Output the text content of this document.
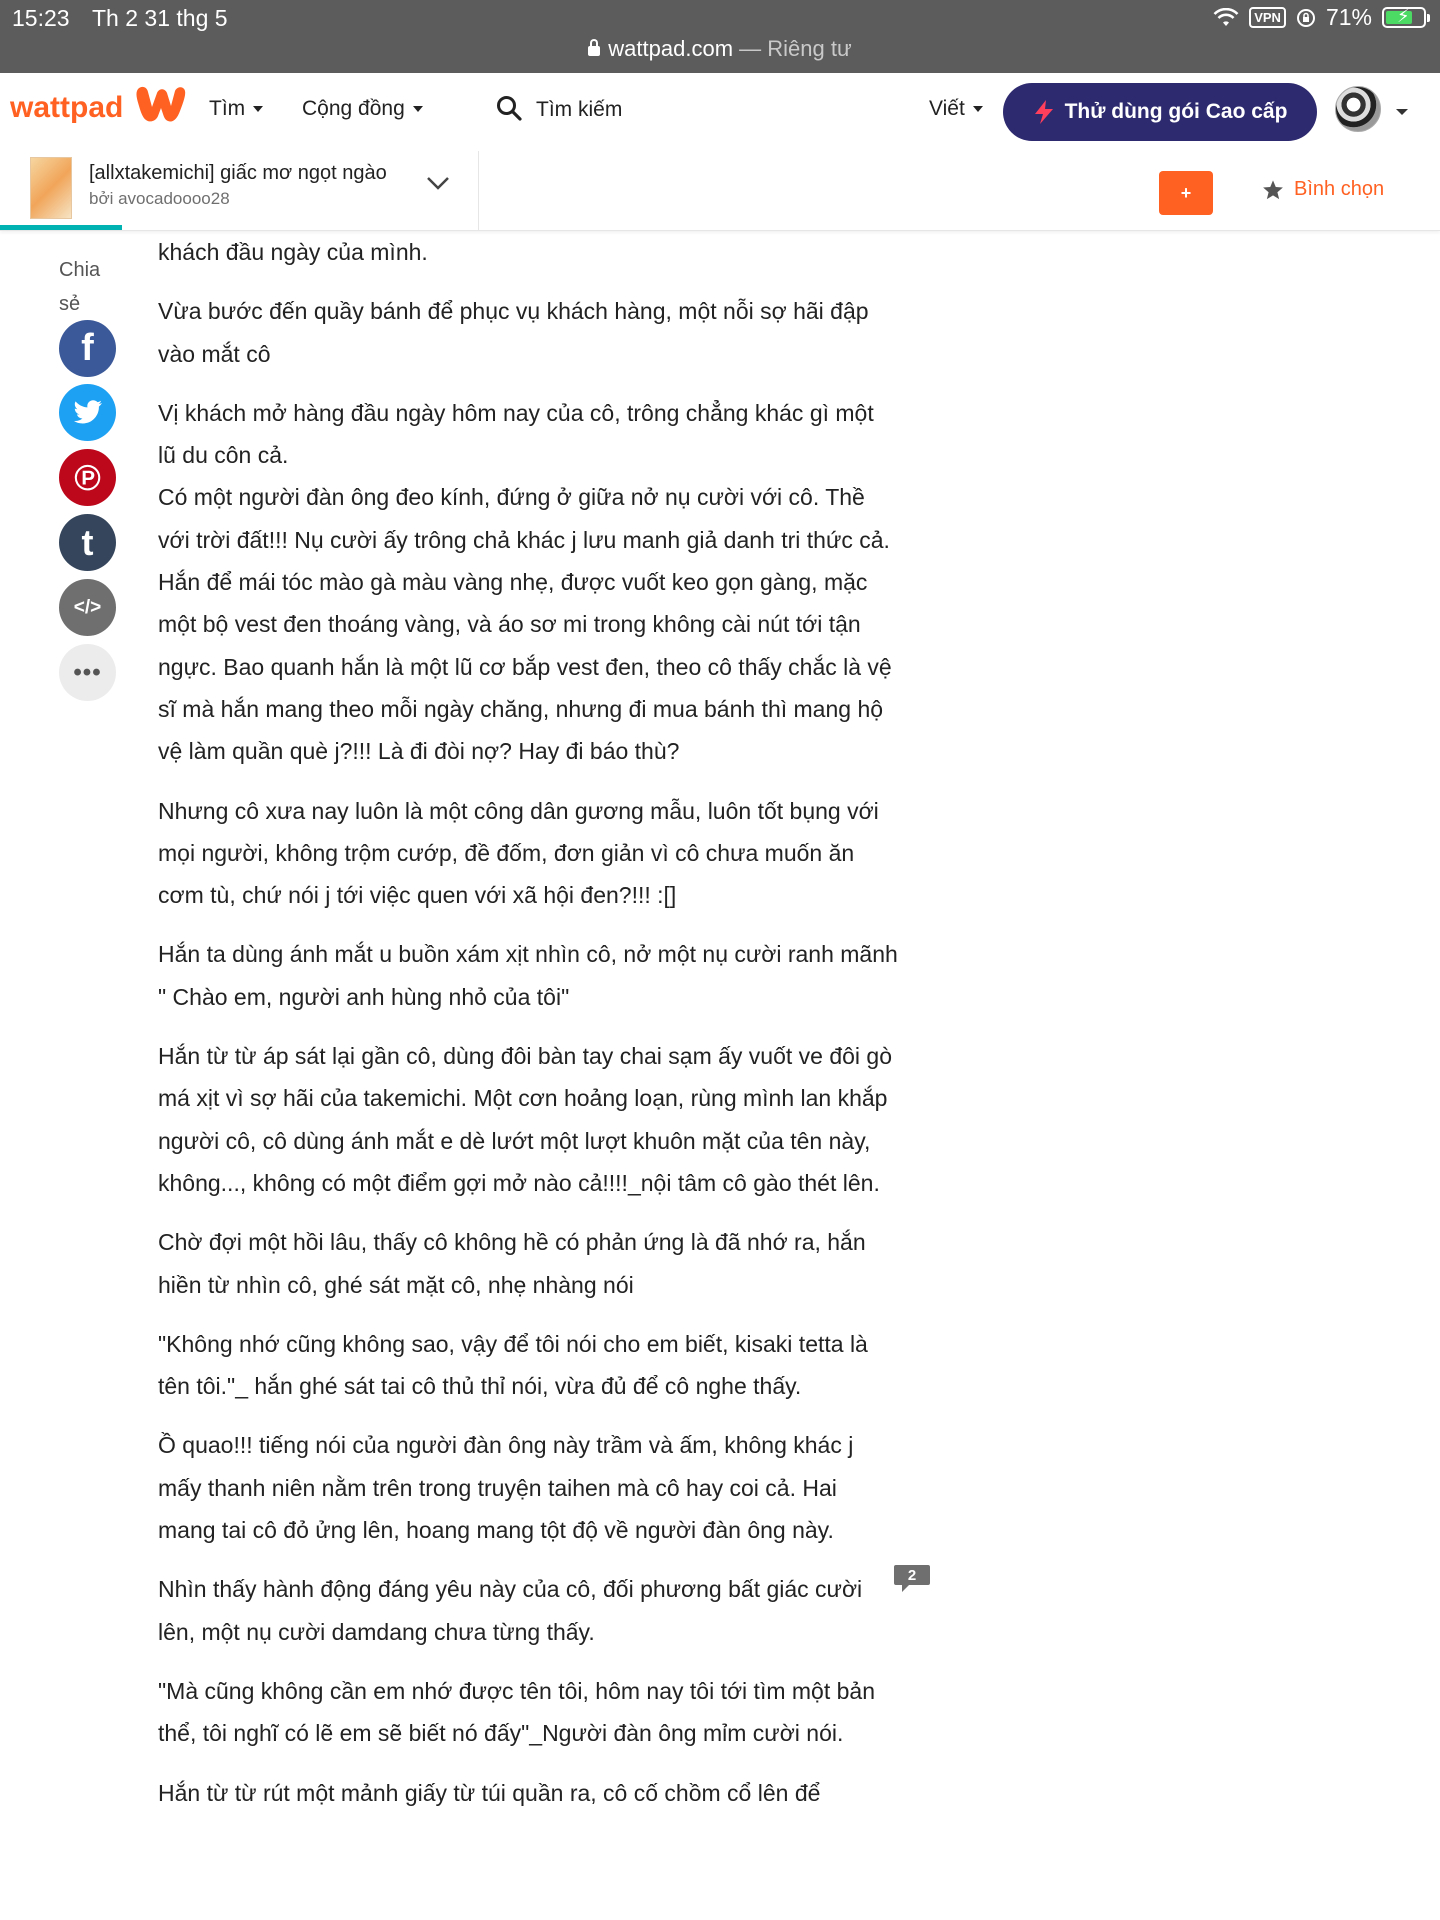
15:23 Th 2 31 thg 5	VPN 71% ⚡
wattpad.com — Riêng tư
wattpad	Tìm	Cộng đồng
Tìm kiếm	Viết	Thử dùng gói Cao cấp
[allxtakemichi] giấc mơ ngọt ngào
bởi avocadoooo28	+	Bình chọn
Chia sẻ
f
℗
t
</>
•••

khách đầu ngày của mình.

Vừa bước đến quầy bánh để phục vụ khách hàng, một nỗi sợ hãi đập vào mắt cô

Vị khách mở hàng đầu ngày hôm nay của cô, trông chẳng khác gì một lũ du côn cả.
Có một người đàn ông đeo kính, đứng ở giữa nở nụ cười với cô. Thề với trời đất!!! Nụ cười ấy trông chả khác j lưu manh giả danh tri thức cả. Hắn để mái tóc mào gà màu vàng nhẹ, được vuốt keo gọn gàng, mặc một bộ vest đen thoáng vàng, và áo sơ mi trong không cài nút tới tận ngực. Bao quanh hắn là một lũ cơ bắp vest đen, theo cô thấy chắc là vệ sĩ mà hắn mang theo mỗi ngày chăng, nhưng đi mua bánh thì mang hộ vệ làm quần què j?!!! Là đi đòi nợ? Hay đi báo thù?

Nhưng cô xưa nay luôn là một công dân gương mẫu, luôn tốt bụng với mọi người, không trộm cướp, đề đốm, đơn giản vì cô chưa muốn ăn cơm tù, chứ nói j tới việc quen với xã hội đen?!!! :[]

Hắn ta dùng ánh mắt u buồn xám xịt nhìn cô, nở một nụ cười ranh mãnh " Chào em, người anh hùng nhỏ của tôi"

Hắn từ từ áp sát lại gần cô, dùng đôi bàn tay chai sạm ấy vuốt ve đôi gò má xịt vì sợ hãi của takemichi. Một cơn hoảng loạn, rùng mình lan khắp người cô, cô dùng ánh mắt e dè lướt một lượt khuôn mặt của tên này, không..., không có một điểm gợi mở nào cả!!!!_nội tâm cô gào thét lên.

Chờ đợi một hồi lâu, thấy cô không hề có phản ứng là đã nhớ ra, hắn hiền từ nhìn cô, ghé sát mặt cô, nhẹ nhàng nói

"Không nhớ cũng không sao, vậy để tôi nói cho em biết, kisaki tetta là tên tôi."_ hắn ghé sát tai cô thủ thỉ nói, vừa đủ để cô nghe thấy.

Ồ quao!!! tiếng nói của người đàn ông này trầm và ấm, không khác j mấy thanh niên nằm trên trong truyện taihen mà cô hay coi cả. Hai mang tai cô đỏ ửng lên, hoang mang tột độ về người đàn ông này.

Nhìn thấy hành động đáng yêu này của cô, đối phương bất giác cười lên, một nụ cười damdang chưa từng thấy.

"Mà cũng không cần em nhớ được tên tôi, hôm nay tôi tới tìm một bản thể, tôi nghĩ có lẽ em sẽ biết nó đấy"_Người đàn ông mỉm cười nói.

Hắn từ từ rút một mảnh giấy từ túi quần ra, cô cố chồm cổ lên để

2
